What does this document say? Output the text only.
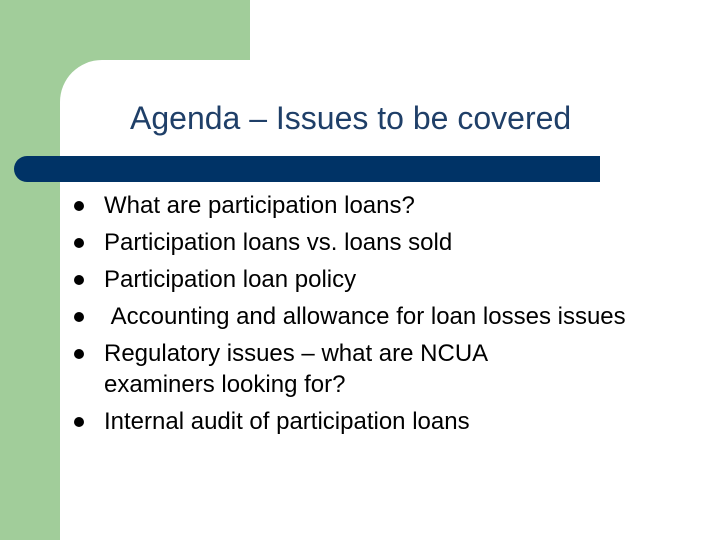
Agenda – Issues to be covered
What are participation loans?
Participation loans vs. loans sold
Participation loan policy
Accounting and allowance for loan losses issues
Regulatory issues – what are NCUA examiners looking for?
Internal audit of participation loans
